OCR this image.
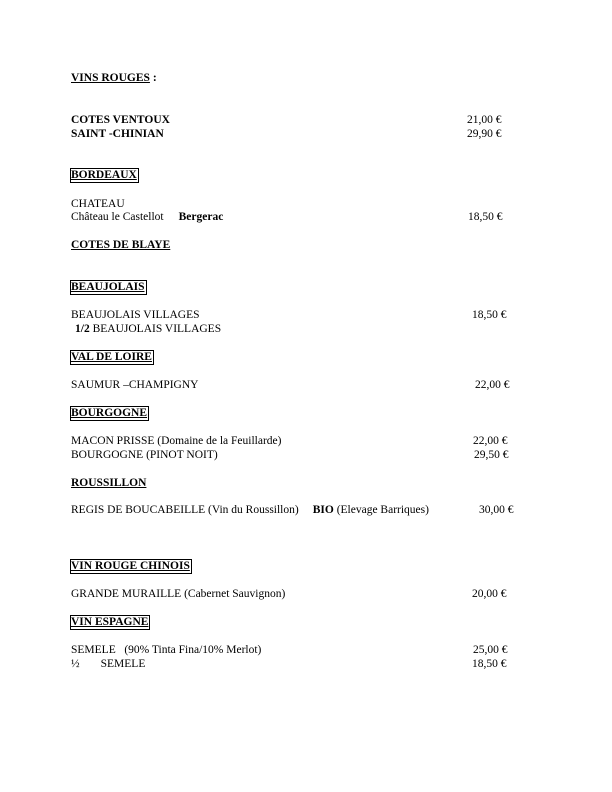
VINS ROUGES :
COTES VENTOUX	21,00 €
SAINT -CHINIAN	29,90 €
BORDEAUX
CHATEAU
Château le Castellot Bergerac	18,50 €
COTES DE BLAYE
BEAUJOLAIS
BEAUJOLAIS VILLAGES	18,50 €
1/2 BEAUJOLAIS VILLAGES
VAL DE LOIRE
SAUMUR –CHAMPIGNY	22,00 €
BOURGOGNE
MACON PRISSE (Domaine de la Feuillarde)	22,00 €
BOURGOGNE (PINOT NOIT)	29,50 €
ROUSSILLON
REGIS DE BOUCABEILLE (Vin du Roussillon) BIO (Elevage Barriques)	30,00 €
VIN ROUGE CHINOIS
GRANDE MURAILLE (Cabernet Sauvignon)	20,00 €
VIN ESPAGNE
SEMELE   (90% Tinta Fina/10% Merlot)	25,00 €
½ SEMELE	18,50 €
